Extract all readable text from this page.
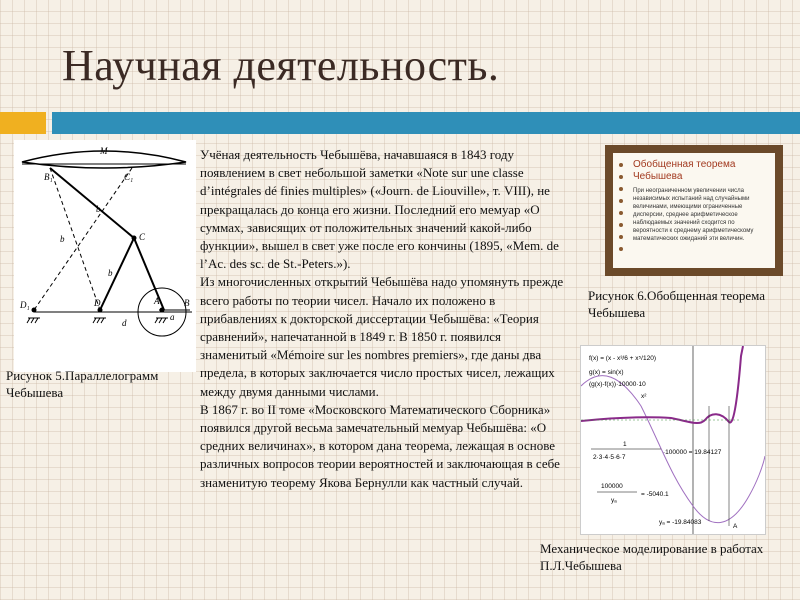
Научная деятельность.
M
B₁	C₁
C
b
b
b
D₁	D	A	B
d
a
Рисунок 5.Параллелограмм Чебышева
Обобщенная теорема Чебышева
При неограниченном увеличении числа независимых испытаний над случайными величинами, имеющими ограниченные дисперсии, среднее арифметическое наблюдаемых значений сходится по вероятности к среднему арифметическому математических ожиданий эти величин.
Рисунок 6.Обобщенная теорема Чебышева
f(x) = (x - x³/6 + x⁵/120)
g(x) = sin(x)
(g(x)-f(x))·10000·10
x²
1
2·3·4·5·6·7
·100000 = 19.84127
100000
yₐ
= -5040.1
yₐ = -19.84083
A
Механическое моделирование в работах П.Л.Чебышева

Учёная деятельность Чебышёва, начавшаяся в 1843 году появлением в свет небольшой заметки «Note sur une classe d’intégrales dé finies multiples» («Journ. de Liouville», т. VIII), не прекращалась до конца его жизни. Последний его мемуар «О суммах, зависящих от положительных значений какой-либо функции», вышел в свет уже после его кончины (1895, «Mem. de l’Ac. des sc. de St.-Peters.»).

Из многочисленных открытий Чебышёва надо упомянуть прежде всего работы по теории чисел. Начало их положено в прибавлениях к докторской диссертации Чебышёва: «Теория сравнений», напечатанной в 1849 г. В 1850 г. появился знаменитый «Mémoire sur les nombres premiers», где даны два предела, в которых заключается число простых чисел, лежащих между двумя данными числами.

В 1867 г. во II томе «Московского Математического Сборника» появился другой весьма замечательный мемуар Чебышёва: «О средних величинах», в котором дана теорема, лежащая в основе различных вопросов теории вероятностей и заключающая в себе знаменитую теорему Якова Бернулли как частный случай.
